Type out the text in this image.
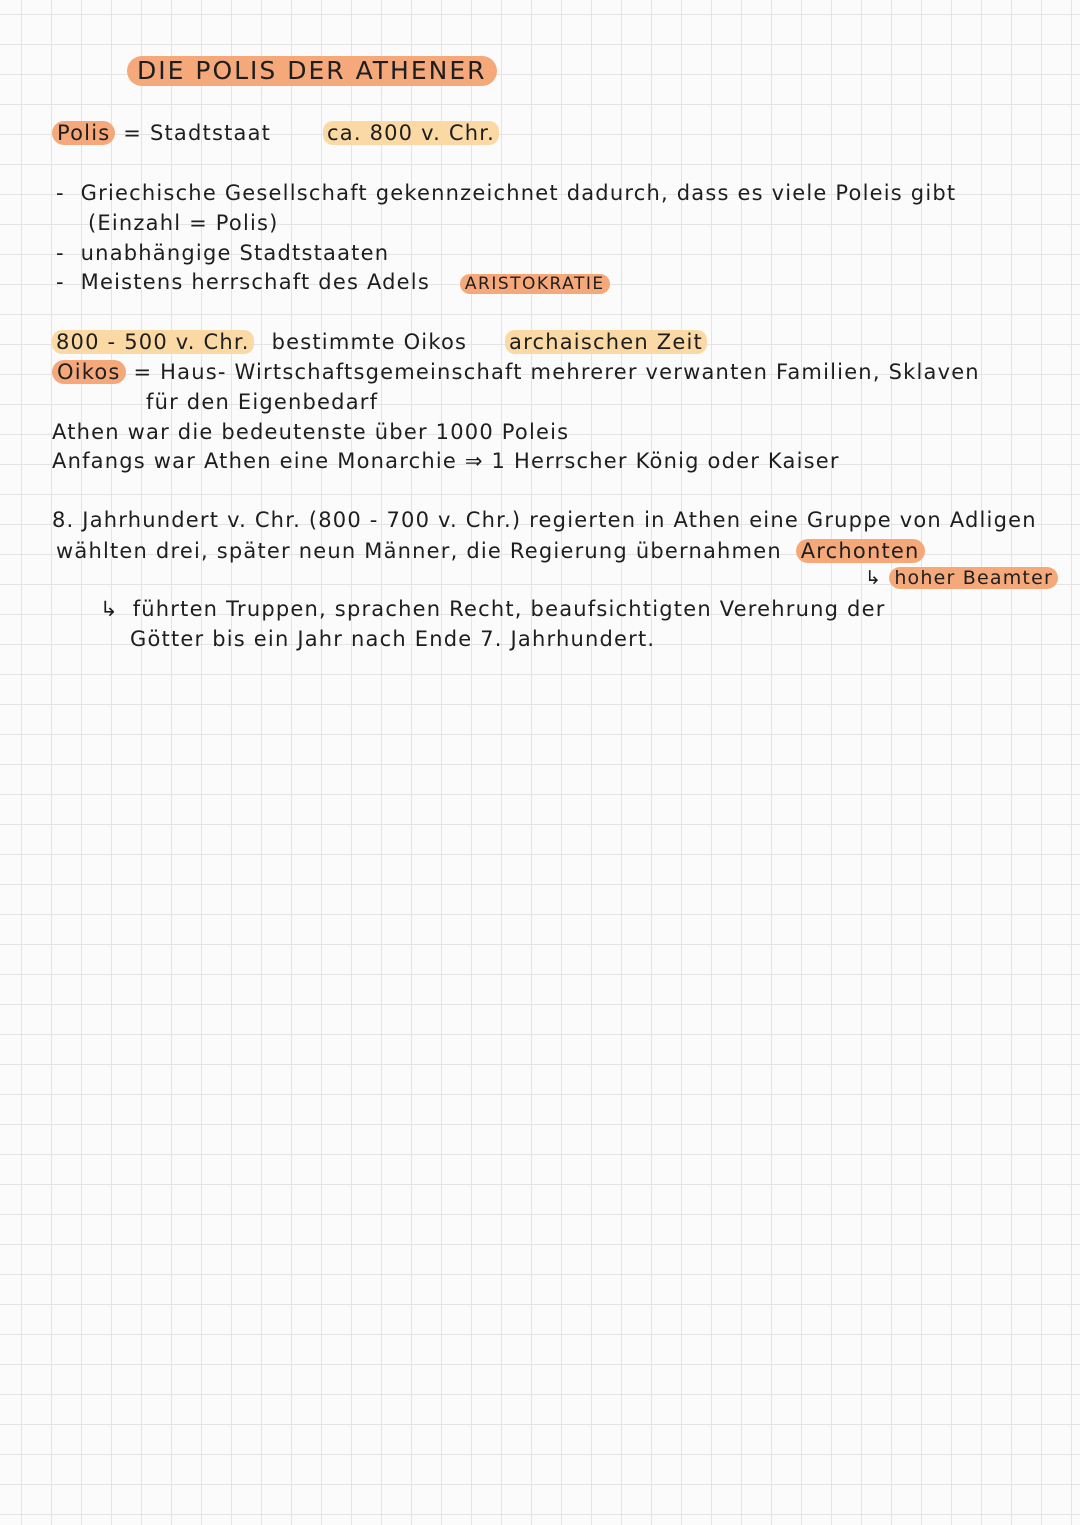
DIE POLIS DER ATHENER
Polis = Stadtstaat	ca. 800 v. Chr.
- Griechische Gesellschaft gekennzeichnet dadurch, dass es viele Poleis gibt
(Einzahl = Polis)
- unabhängige Stadtstaaten
- Meistens herrschaft des Adels ARISTOKRATIE
800 - 500 v. Chr. bestimmte Oikos archaischen Zeit
Oikos = Haus- Wirtschaftsgemeinschaft mehrerer verwanten Familien, Sklaven
für den Eigenbedarf
Athen war die bedeutenste über 1000 Poleis
Anfangs war Athen eine Monarchie ⇒ 1 Herrscher König oder Kaiser
8. Jahrhundert v. Chr. (800 - 700 v. Chr.) regierten in Athen eine Gruppe von Adligen
wählten drei, später neun Männer, die Regierung übernahmen Archonten
↳ hoher Beamter
↳ führten Truppen, sprachen Recht, beaufsichtigten Verehrung der
Götter bis ein Jahr nach Ende 7. Jahrhundert.
